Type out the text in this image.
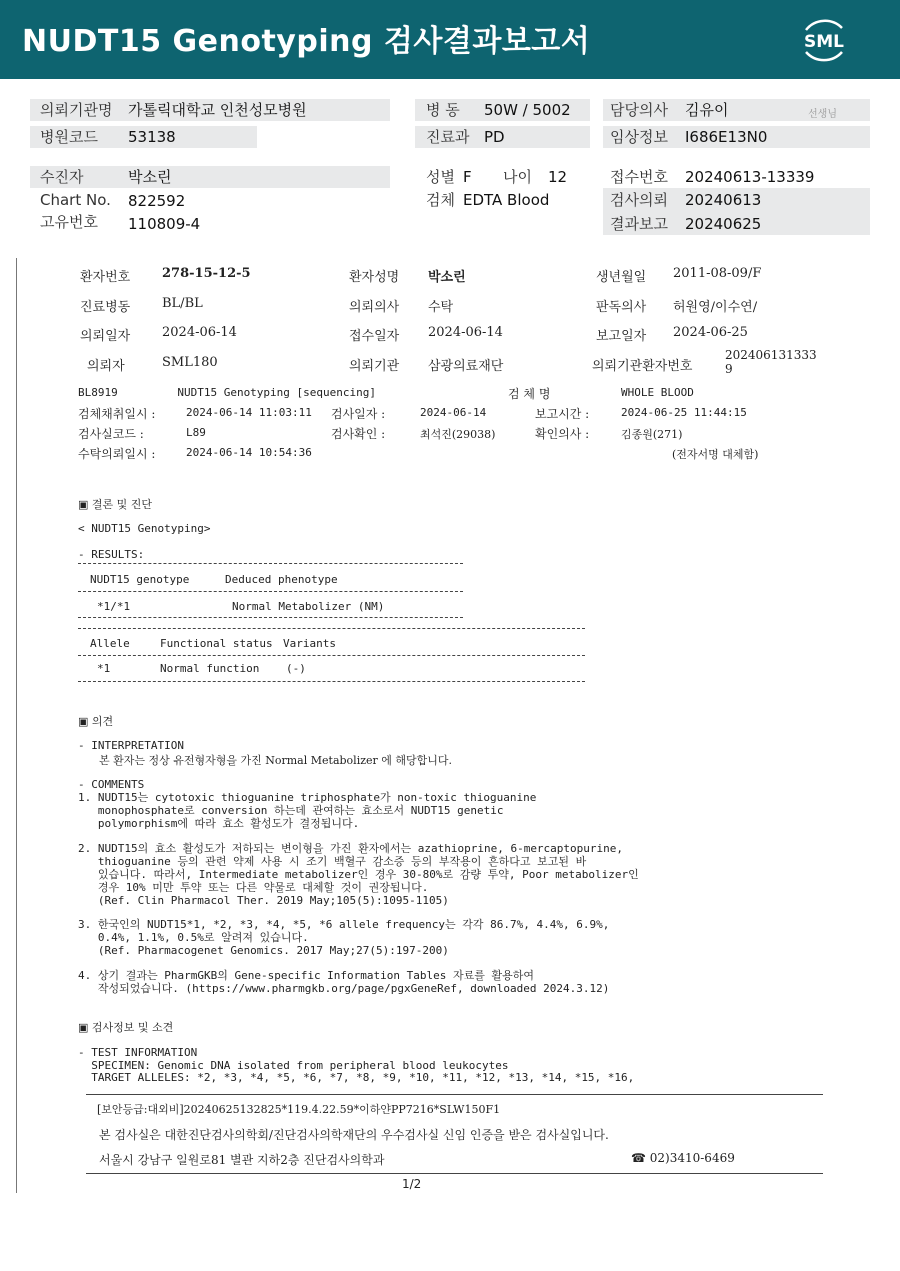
NUDT15 Genotyping 검사결과보고서	SML
의뢰기관명 가톨릭대학교 인천성모병원
병원코드 53138
병 동 50W / 5002
진료과 PD
담당의사 김유이	선생님
임상정보 I686E13N0
수진자	박소린
Chart No. 822592
고유번호 110809-4
성별 F 나이 12
검체 EDTA Blood
접수번호 20240613-13339
검사의뢰 20240613
결과보고 20240625
환자번호 278-15-12-5	환자성명 박소린	생년월일 2011-08-09/F
진료병동 BL/BL	의뢰의사 수탁	판독의사 허원영/이수연/
의뢰일자 2024-06-14	접수일자 2024-06-14	보고일자 2024-06-25
의뢰자	SML180	의뢰기관 삼광의료재단	의뢰기관환자번호
202406131333
9
BL8919         NUDT15 Genotyping [sequencing]	검 체 명	WHOLE BLOOD
검체채취일시 :	2024-06-14 11:03:11 검사일자 :	2024-06-14	보고시간 :	2024-06-25 11:44:15
검사실코드 :	L89	검사확인 :	최석진(29038)	확인의사 :	김종원(271)
수탁의뢰일시 :	2024-06-14 10:54:36	(전자서명 대체함)
▣ 결론 및 진단
< NUDT15 Genotyping>
- RESULTS:
NUDT15 genotype	Deduced phenotype
*1/*1	Normal Metabolizer (NM)
Allele	Functional status Variants
*1	Normal function (-)
▣ 의견
- INTERPRETATION
본 환자는 정상 유전형자형을 가진 Normal Metabolizer 에 해당합니다.
- COMMENTS
1. NUDT15는 cytotoxic thioguanine triphosphate가 non-toxic thioguanine
monophosphate로 conversion 하는데 관여하는 효소로서 NUDT15 genetic
polymorphism에 따라 효소 활성도가 결정됩니다.
2. NUDT15의 효소 활성도가 저하되는 변이형을 가진 환자에서는 azathioprine, 6-mercaptopurine,
thioguanine 등의 관련 약제 사용 시 조기 백혈구 감소증 등의 부작용이 흔하다고 보고된 바
있습니다. 따라서, Intermediate metabolizer인 경우 30-80%로 감량 투약, Poor metabolizer인
경우 10% 미만 투약 또는 다른 약물로 대체할 것이 권장됩니다.
(Ref. Clin Pharmacol Ther. 2019 May;105(5):1095-1105)
3. 한국인의 NUDT15*1, *2, *3, *4, *5, *6 allele frequency는 각각 86.7%, 4.4%, 6.9%,
0.4%, 1.1%, 0.5%로 알려져 있습니다.
(Ref. Pharmacogenet Genomics. 2017 May;27(5):197-200)
4. 상기 결과는 PharmGKB의 Gene-specific Information Tables 자료를 활용하여
작성되었습니다. (https://www.pharmgkb.org/page/pgxGeneRef, downloaded 2024.3.12)
▣ 검사정보 및 소견
- TEST INFORMATION
SPECIMEN: Genomic DNA isolated from peripheral blood leukocytes
TARGET ALLELES: *2, *3, *4, *5, *6, *7, *8, *9, *10, *11, *12, *13, *14, *15, *16,
[보안등급:대외비]20240625132825*119.4.22.59*이하얀PP7216*SLW150F1
본 검사실은 대한진단검사의학회/진단검사의학재단의 우수검사실 신임 인증을 받은 검사실입니다.
서울시 강남구 일원로81 별관 지하2층 진단검사의학과	☎ 02)3410-6469
1/2
